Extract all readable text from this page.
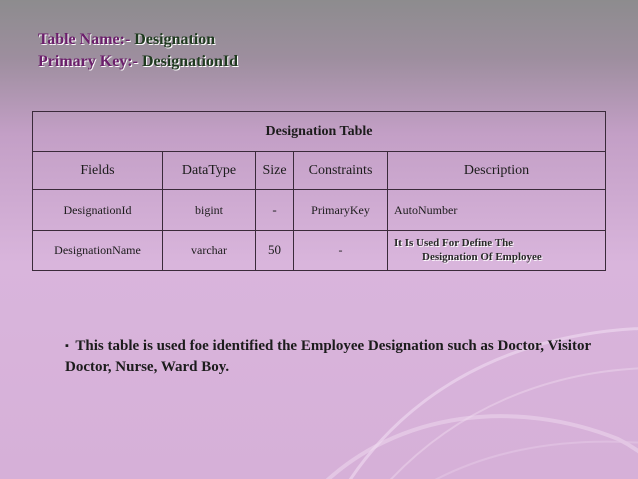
Table Name:- Designation
Primary Key:- DesignationId
Designation Table				
Fields	DataType	Size	Constraints	Description
DesignationId	bigint	-	PrimaryKey	AutoNumber
DesignationName	varchar	50	-	It Is Used For Define The
Designation Of Employee
▪ This table is used foe identified the Employee Designation such as Doctor, Visitor Doctor, Nurse, Ward Boy.
